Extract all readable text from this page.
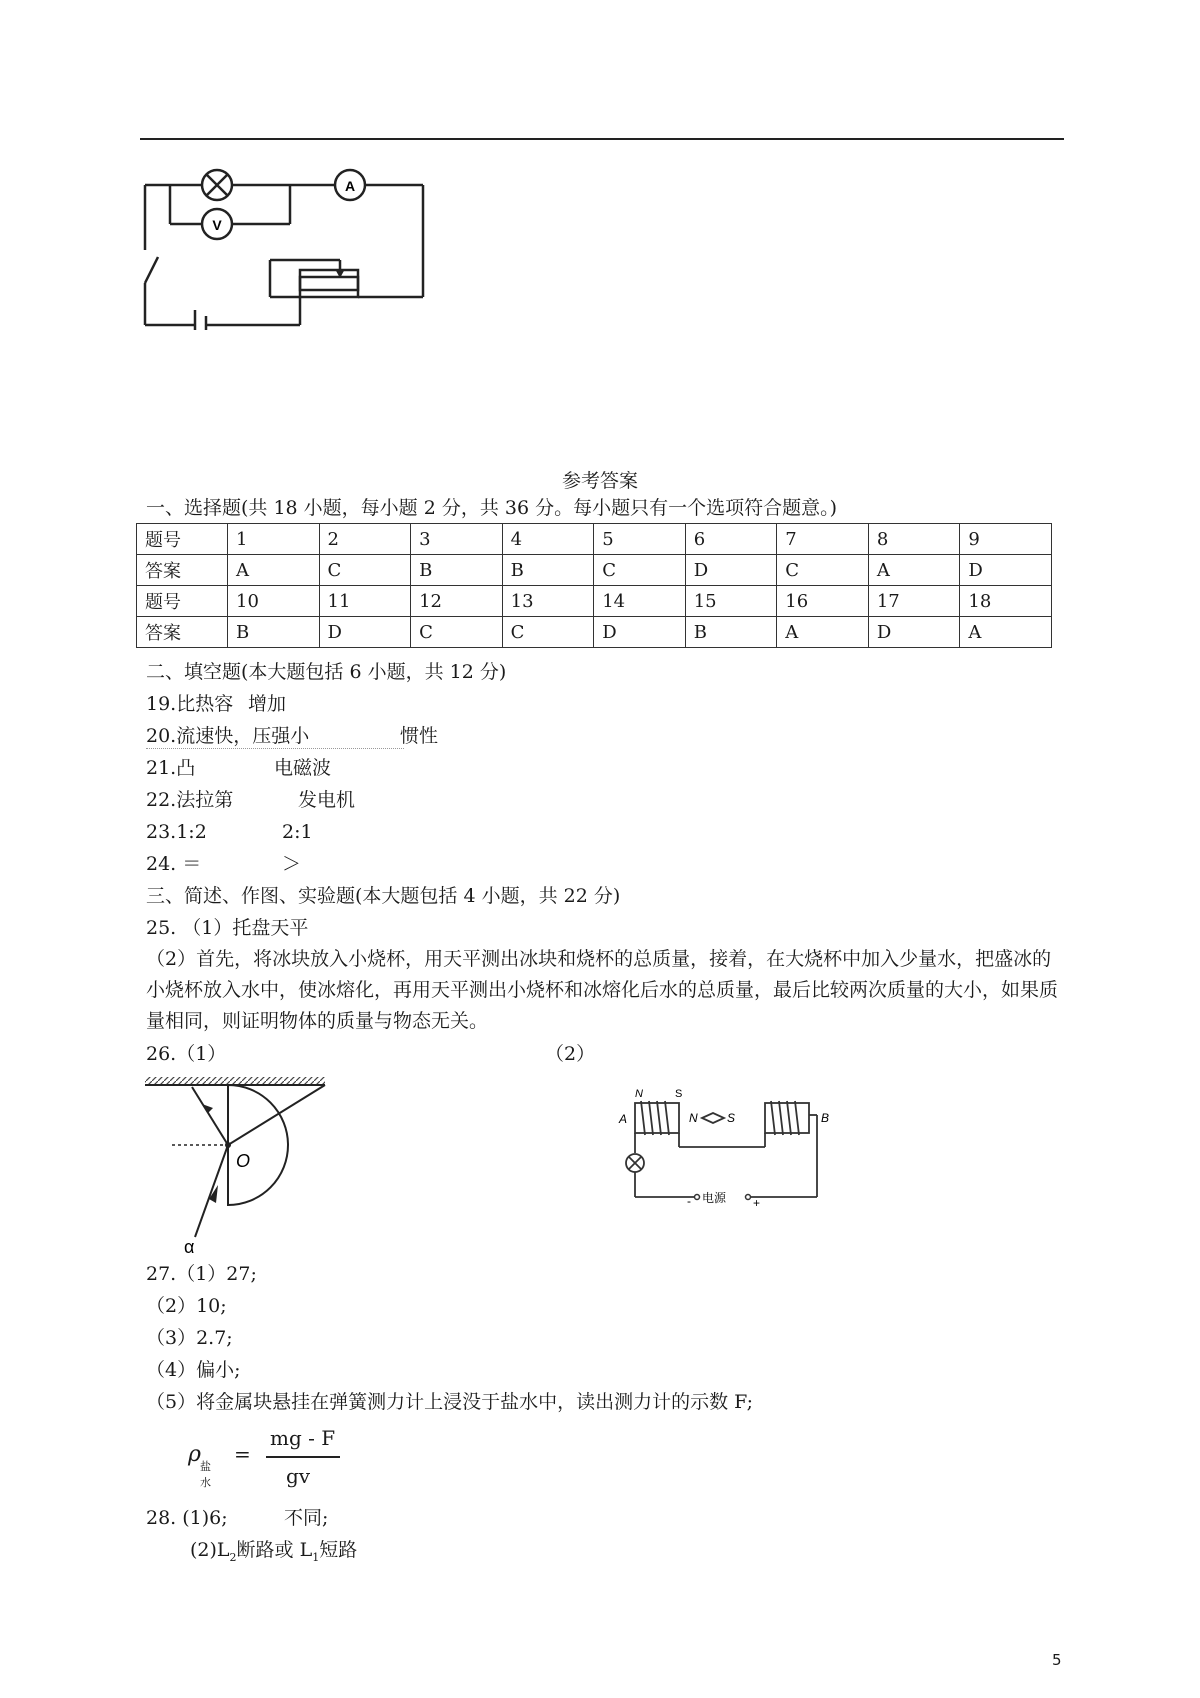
A
V
参考答案
一、选择题(共 18 小题，每小题 2 分，共 36 分。每小题只有一个选项符合题意。)
题号	1	2	3	4	5	6	7	8	9
答案	A	C	B	B	C	D	C	A	D
题号	10	11	12	13	14	15	16	17	18
答案	B	D	C	C	D	B	A	D	A
二、填空题(本大题包括 6 小题，共 12 分)
19.比热容 增加
20.流速快，压强小	惯性
21.凸	电磁波
22.法拉第	发电机
23.1:2	2:1
24. ＝	＞
三、简述、作图、实验题(本大题包括 4 小题，共 22 分)
25. （1）托盘天平
（2）首先，将冰块放入小烧杯，用天平测出冰块和烧杯的总质量，接着，在大烧杯中加入少量水，把盛冰的小烧杯放入水中，使冰熔化，再用天平测出小烧杯和冰熔化后水的总质量，最后比较两次质量的大小，如果质量相同，则证明物体的质量与物态无关。
26.（1）	（2）
O
α
N	S
A	N S	B
- 电源 +
27.（1）27;
（2）10;
（3）2.7;
（4）偏小;
（5）将金属块悬挂在弹簧测力计上浸没于盐水中，读出测力计的示数 F;
ρ 盐水
=
mg - F
gv
28. (1)6;	不同;
$(2)L_2$断路或 $L_1$短路
5
